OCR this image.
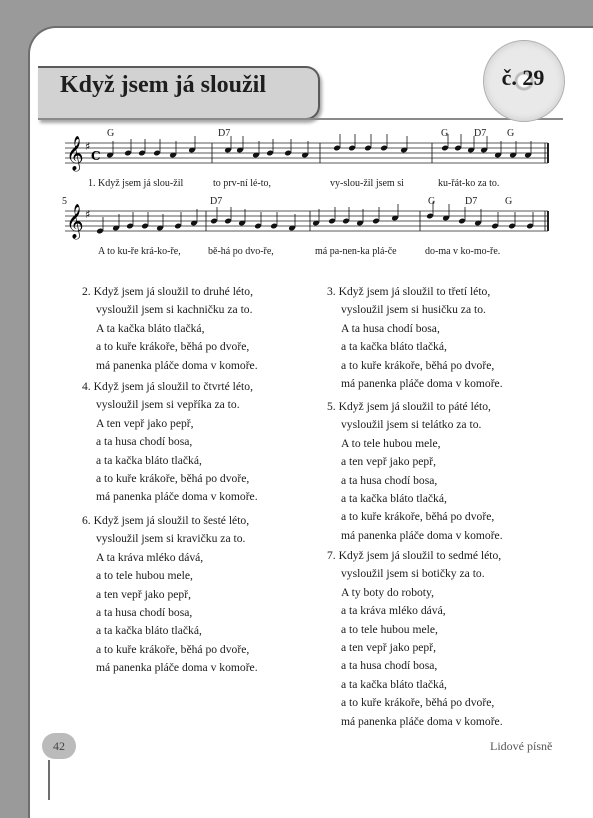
Když jsem já sloužil	č. 29
𝄞 ♯
C
𝄞 ♯
G	D7	G	D7 G
1. Když jsem já slou-žil	to prv-ní lé-to,	vy-slou-žil jsem si	ku-řát-ko za to.
5	D7	G	D7	G
A to ku-ře krá-ko-ře,	bě-há po dvo-ře,	má pa-nen-ka plá-če	do-ma v ko-mo-ře.
2. Když jsem já sloužil to druhé léto,
vysloužil jsem si kachničku za to.
A ta kačka bláto tlačká,
a to kuře krákoře, běhá po dvoře,
má panenka pláče doma v komoře.
4. Když jsem já sloužil to čtvrté léto,
vysloužil jsem si vepříka za to.
A ten vepř jako pepř,
a ta husa chodí bosa,
a ta kačka bláto tlačká,
a to kuře krákoře, běhá po dvoře,
má panenka pláče doma v komoře.
6. Když jsem já sloužil to šesté léto,
vysloužil jsem si kravičku za to.
A ta kráva mléko dává,
a to tele hubou mele,
a ten vepř jako pepř,
a ta husa chodí bosa,
a ta kačka bláto tlačká,
a to kuře krákoře, běhá po dvoře,
má panenka pláče doma v komoře.
3. Když jsem já sloužil to třetí léto,
vysloužil jsem si husičku za to.
A ta husa chodí bosa,
a ta kačka bláto tlačká,
a to kuře krákoře, běhá po dvoře,
má panenka pláče doma v komoře.
5. Když jsem já sloužil to páté léto,
vysloužil jsem si telátko za to.
A to tele hubou mele,
a ten vepř jako pepř,
a ta husa chodí bosa,
a ta kačka bláto tlačká,
a to kuře krákoře, běhá po dvoře,
má panenka pláče doma v komoře.
7. Když jsem já sloužil to sedmé léto,
vysloužil jsem si botičky za to.
A ty boty do roboty,
a ta kráva mléko dává,
a to tele hubou mele,
a ten vepř jako pepř,
a ta husa chodí bosa,
a ta kačka bláto tlačká,
a to kuře krákoře, běhá po dvoře,
má panenka pláče doma v komoře.
42	Lidové písně
